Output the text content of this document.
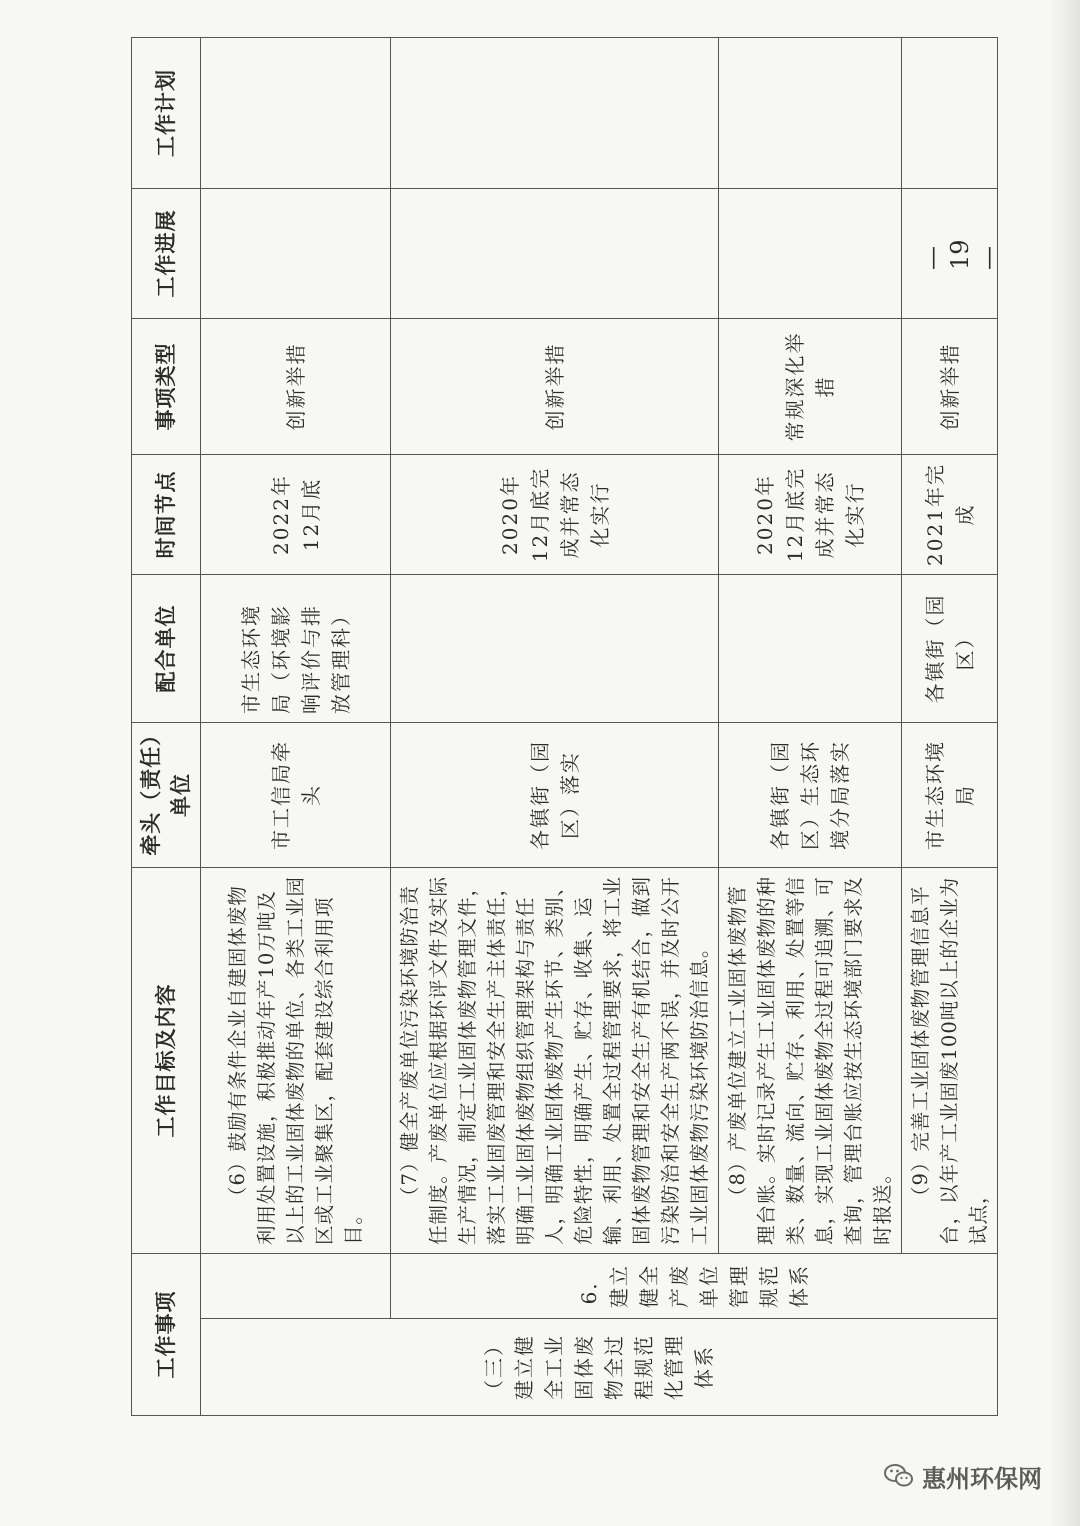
工作事项		工作目标及内容	牵头（责任）单位	配合单位	时间节点	事项类型	工作进展	工作计划
（三）建立健全工业固体废物全过程规范化管理体系		（6）鼓励有条件企业自建固体废物利用处置设施，积极推动年产10万吨及以上的工业固体废物的单位、各类工业园区或工业聚集区，配套建设综合利用项目。	市工信局牵头	市生态环境局（环境影响评价与排放管理科）	2022年12月底	创新举措		
	6．建立健全产废单位管理规范体系	（7）健全产废单位污染环境防治责任制度。产废单位应根据环评文件及实际生产情况，制定工业固体废物管理文件，落实工业固废管理和安全生产主体责任，明确工业固体废物组织管理架构与责任人，明确工业固体废物产生环节、类别、危险特性，明确产生、贮存、收集、运输、利用、处置全过程管理要求，将工业固体废物管理和安全生产有机结合，做到污染防治和安全生产两不误，并及时公开工业固体废物污染环境防治信息。	各镇街（园区）落实		2020年12月底完成并常态化实行	创新举措		
		（8）产废单位建立工业固体废物管理台账。实时记录产生工业固体废物的种类、数量、流向、贮存、利用、处置等信息，实现工业固体废物全过程可追溯、可查询，管理台账应按生态环境部门要求及时报送。	各镇街（园区）生态环境分局落实		2020年12月底完成并常态化实行	常规深化举措		
		（9）完善工业固体废物管理信息平台，以年产工业固废100吨以上的企业为试点，	市生态环境局	各镇街（园区）	2021年完成	创新举措		
—19—
惠州环保网
